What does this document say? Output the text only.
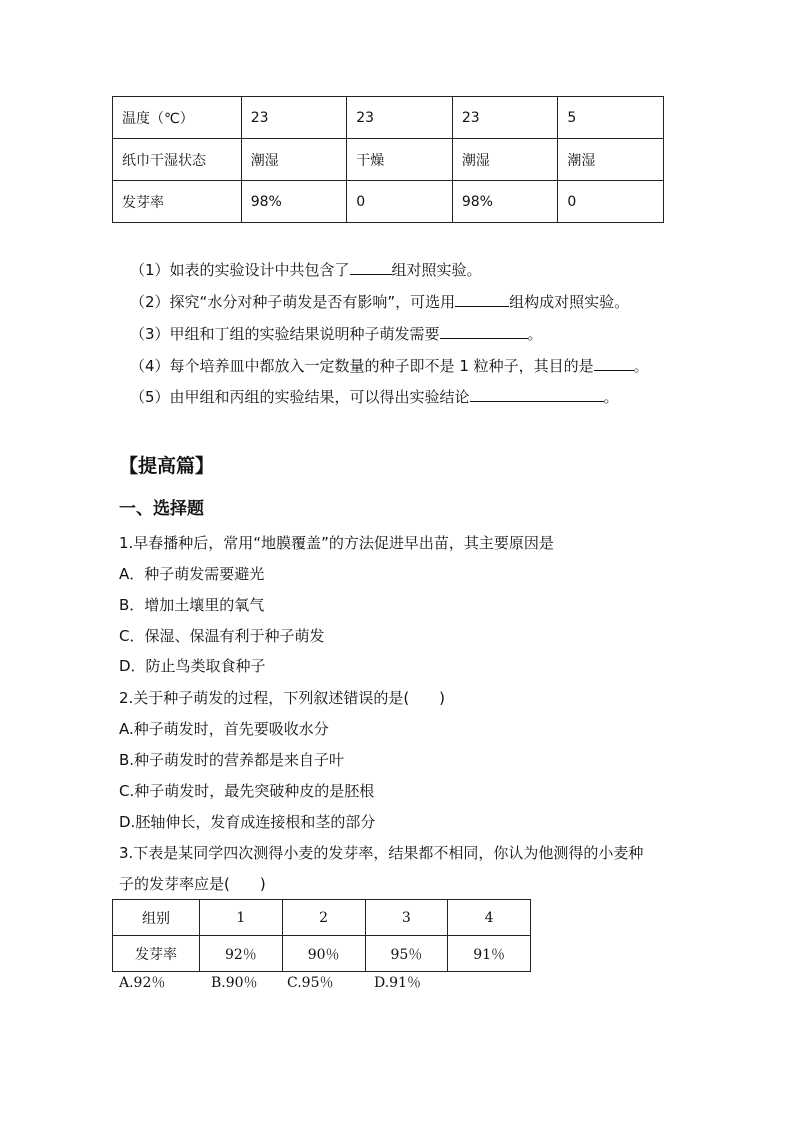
温度（℃）	23	23	23	5
纸巾干湿状态	潮湿	干燥	潮湿	潮湿
发芽率	98%	0	98%	0
（1）如表的实验设计中共包含了	组对照实验。
（2）探究“水分对种子萌发是否有影响”，可选用	组构成对照实验。
（3）甲组和丁组的实验结果说明种子萌发需要	。
（4）每个培养皿中都放入一定数量的种子即不是 1 粒种子，其目的是	。
（5）由甲组和丙组的实验结果，可以得出实验结论	。
【提高篇】
一、选择题
1.早春播种后，常用“地膜覆盖”的方法促进早出苗，其主要原因是
A．种子萌发需要避光
B．增加土壤里的氧气
C．保湿、保温有利于种子萌发
D．防止鸟类取食种子
2.关于种子萌发的过程，下列叙述错误的是(　　)
A.种子萌发时，首先要吸收水分
B.种子萌发时的营养都是来自子叶
C.种子萌发时，最先突破种皮的是胚根
D.胚轴伸长，发育成连接根和茎的部分
3.下表是某同学四次测得小麦的发芽率，结果都不相同，你认为他测得的小麦种
子的发芽率应是(　　)
组别	1	2	3	4
发芽率	92％	90％	95％	91％
A.92％	B.90％ C.95％	D.91％
